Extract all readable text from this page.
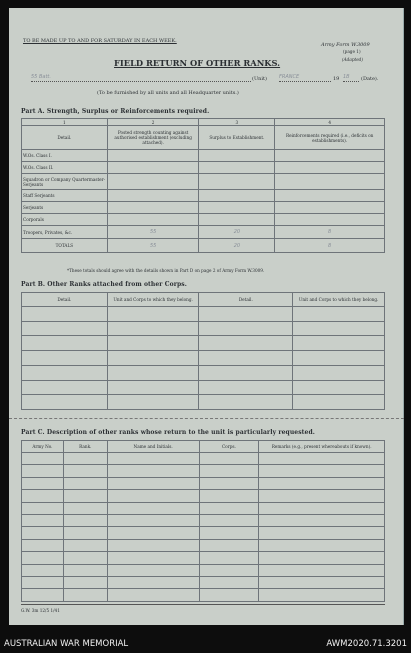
TO BE MADE UP TO AND FOR SATURDAY IN EACH WEEK.
Army Form W.3009
(page 1)
(Adapted)
FIELD RETURN OF OTHER RANKS.
55 Batt.	(Unit) FRANCE	19 1B	(Date).
(To be furnished by all units and all Headquarter units.)
Part A. Strength, Surplus or Reinforcements required.
1	2	3	4
Detail.	Posted strength counting against authorised establishment (excluding attached).	Surplus to Establishment.	Reinforcements required (i.e., deficits on establishments).
W.Os. Class I.			
W.Os. Class II.			
Squadron or Company Quartermaster-Serjeants			
Staff Serjeants			
Serjeants			
Corporals			
Troopers, Privates, &c.	55	20	8
TOTALS	55	20	8
*These totals should agree with the details shown in Part D on page 2 of Army Form W.3009.
Part B. Other Ranks attached from other Corps.
Detail.	Unit and Corps to which they belong.	Detail.	Unit and Corps to which they belong.

Part C. Description of other ranks whose return to the unit is particularly requested.
Army No.	Rank.	Name and Initials.	Corps.	Remarks (e.g., present whereabouts if known).

G.W. 3m 12/5 1/41
AUSTRALIAN WAR MEMORIAL	AWM2020.71.3201
